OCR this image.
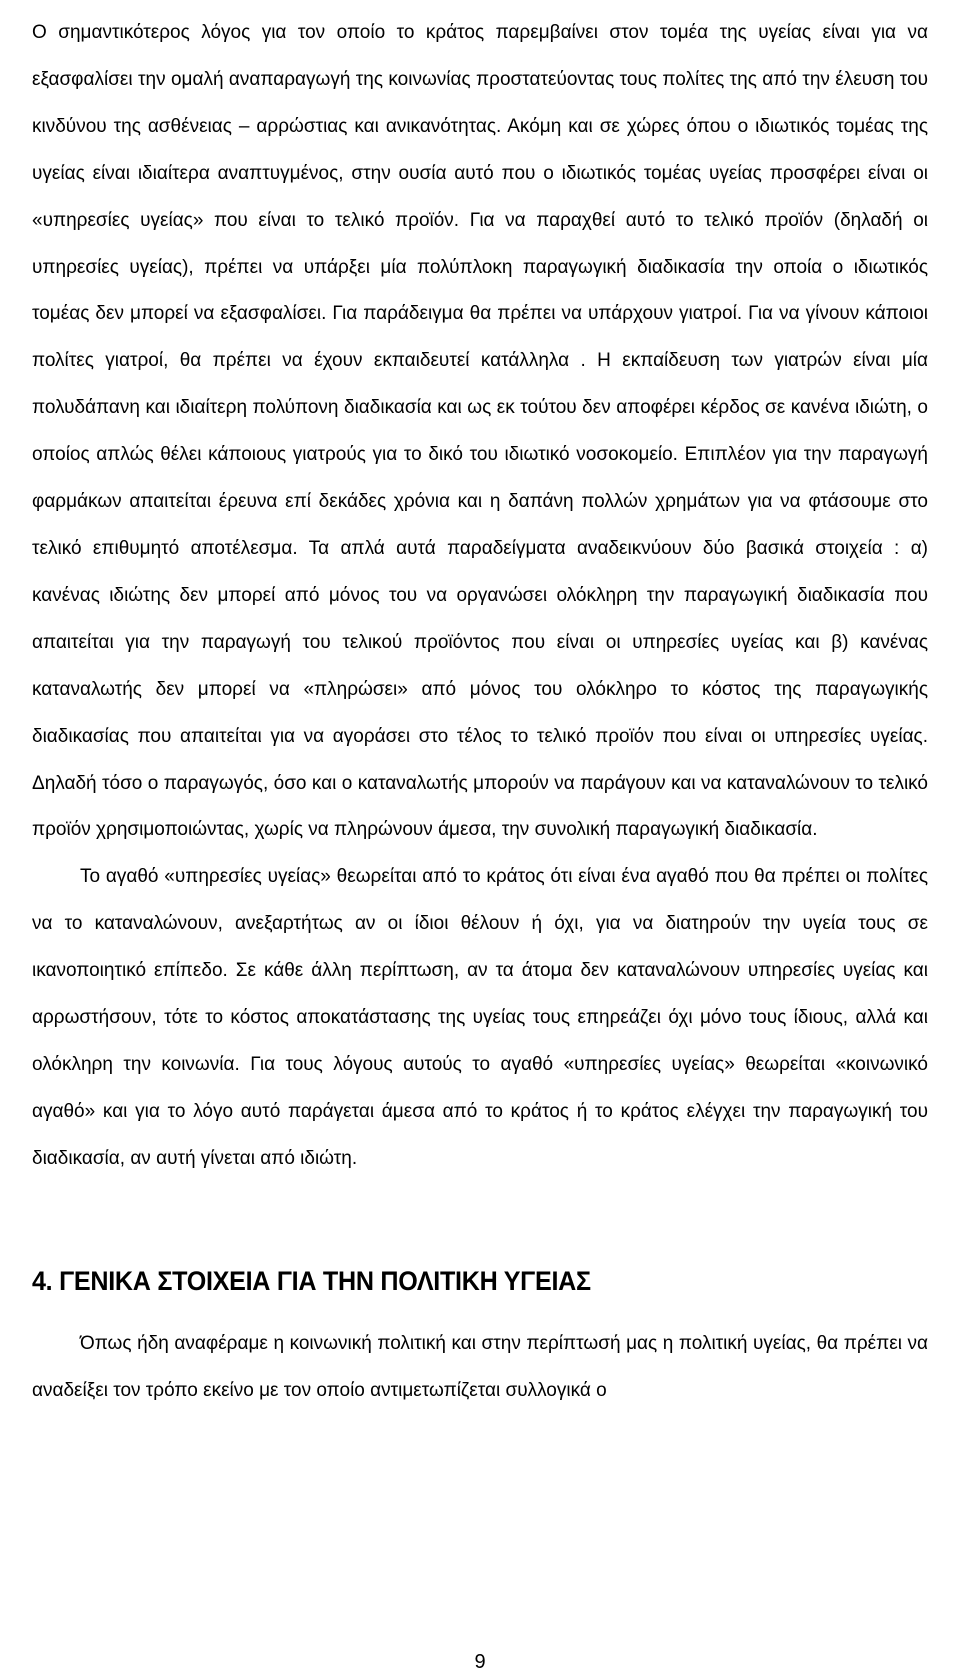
Ο σημαντικότερος λόγος για τον οποίο το κράτος παρεμβαίνει στον τομέα της υγείας είναι για να εξασφαλίσει την ομαλή αναπαραγωγή της κοινωνίας προστατεύοντας τους πολίτες της από την έλευση του κινδύνου της ασθένειας – αρρώστιας και ανικανότητας. Ακόμη και σε χώρες όπου ο ιδιωτικός τομέας της υγείας είναι ιδιαίτερα αναπτυγμένος, στην ουσία αυτό που ο ιδιωτικός τομέας υγείας προσφέρει είναι οι «υπηρεσίες υγείας» που είναι το τελικό προϊόν. Για να παραχθεί αυτό το τελικό προϊόν (δηλαδή οι υπηρεσίες υγείας), πρέπει να υπάρξει μία πολύπλοκη παραγωγική διαδικασία την οποία ο ιδιωτικός τομέας δεν μπορεί να εξασφαλίσει. Για παράδειγμα θα πρέπει να υπάρχουν γιατροί. Για να γίνουν κάποιοι πολίτες γιατροί, θα πρέπει να έχουν εκπαιδευτεί κατάλληλα . Η εκπαίδευση των γιατρών είναι μία πολυδάπανη και ιδιαίτερη πολύπονη διαδικασία και ως εκ τούτου δεν αποφέρει κέρδος σε κανένα ιδιώτη, ο οποίος απλώς θέλει κάποιους γιατρούς για το δικό του ιδιωτικό νοσοκομείο. Επιπλέον για την παραγωγή φαρμάκων απαιτείται έρευνα επί δεκάδες χρόνια και η δαπάνη πολλών χρημάτων για να φτάσουμε στο τελικό επιθυμητό αποτέλεσμα. Τα απλά αυτά παραδείγματα αναδεικνύουν δύο βασικά στοιχεία : α) κανένας ιδιώτης δεν μπορεί από μόνος του να οργανώσει ολόκληρη την παραγωγική διαδικασία που απαιτείται για την παραγωγή του τελικού προϊόντος που είναι οι υπηρεσίες υγείας και β) κανένας καταναλωτής δεν μπορεί να «πληρώσει» από μόνος του ολόκληρο το κόστος της παραγωγικής διαδικασίας που απαιτείται για να αγοράσει στο τέλος το τελικό προϊόν που είναι οι υπηρεσίες υγείας. Δηλαδή τόσο ο παραγωγός, όσο και ο καταναλωτής μπορούν να παράγουν και να καταναλώνουν το τελικό προϊόν χρησιμοποιώντας, χωρίς να πληρώνουν άμεσα, την συνολική παραγωγική διαδικασία.

Το αγαθό «υπηρεσίες υγείας» θεωρείται από το κράτος ότι είναι ένα αγαθό που θα πρέπει οι πολίτες να το καταναλώνουν, ανεξαρτήτως αν οι ίδιοι θέλουν ή όχι, για να διατηρούν την υγεία τους σε ικανοποιητικό επίπεδο. Σε κάθε άλλη περίπτωση, αν τα άτομα δεν καταναλώνουν υπηρεσίες υγείας και αρρωστήσουν, τότε το κόστος αποκατάστασης της υγείας τους επηρεάζει όχι μόνο τους ίδιους, αλλά και ολόκληρη την κοινωνία. Για τους λόγους αυτούς το αγαθό «υπηρεσίες υγείας» θεωρείται «κοινωνικό αγαθό» και για το λόγο αυτό παράγεται άμεσα από το κράτος ή το κράτος ελέγχει την παραγωγική του διαδικασία, αν αυτή γίνεται από ιδιώτη.

4. ΓΕΝΙΚΑ ΣΤΟΙΧΕΙΑ ΓΙΑ ΤΗΝ ΠΟΛΙΤΙΚΗ ΥΓΕΙΑΣ

Όπως ήδη αναφέραμε η κοινωνική πολιτική και στην περίπτωσή μας η πολιτική υγείας, θα πρέπει να αναδείξει τον τρόπο εκείνο με τον οποίο αντιμετωπίζεται συλλογικά ο

9
